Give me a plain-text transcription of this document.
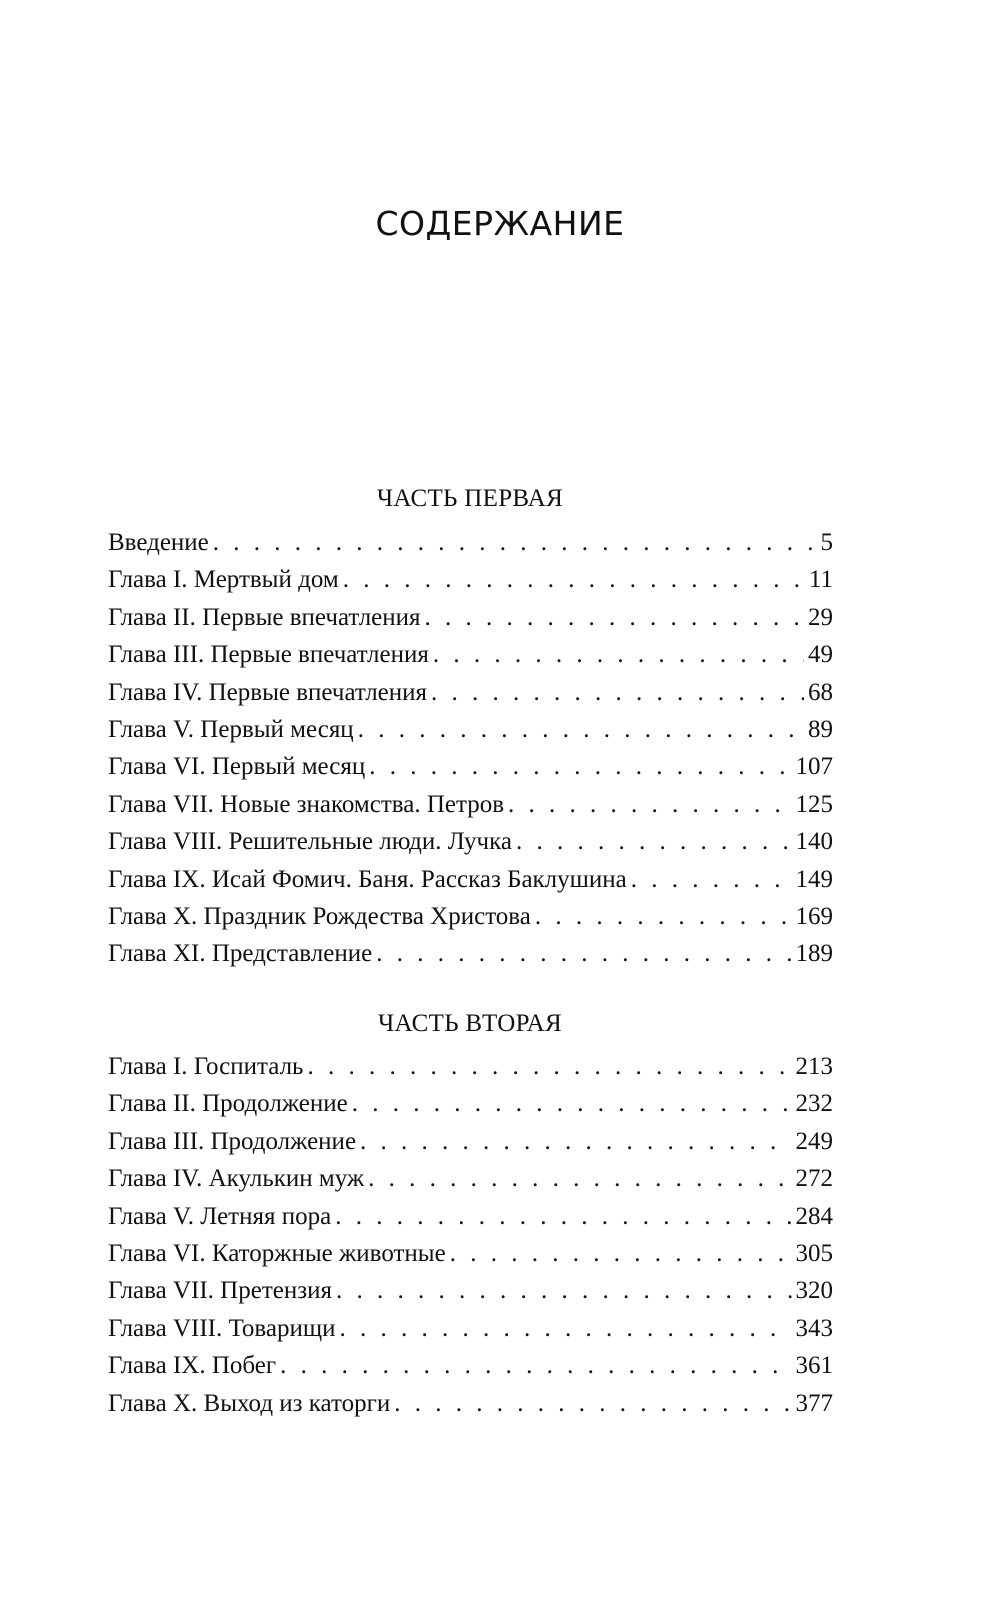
СОДЕРЖАНИЕ
ЧАСТЬ ПЕРВАЯ
Введение . . .	5
Глава I. Мертвый дом . . .	11
Глава II. Первые впечатления . . .	29
Глава III. Первые впечатления . . .	49
Глава IV. Первые впечатления . . .	68
Глава V. Первый месяц . . .	89
Глава VI. Первый месяц . . .	107
Глава VII. Новые знакомства. Петров . . .	125
Глава VIII. Решительные люди. Лучка . . .	140
Глава IX. Исай Фомич. Баня. Рассказ Баклушина . . .	149
Глава X. Праздник Рождества Христова . . .	169
Глава XI. Представление . . .	189
ЧАСТЬ ВТОРАЯ
Глава I. Госпиталь . . .	213
Глава II. Продолжение . . .	232
Глава III. Продолжение . . .	249
Глава IV. Акулькин муж . . .	272
Глава V. Летняя пора . . .	284
Глава VI. Каторжные животные . . .	305
Глава VII. Претензия . . .	320
Глава VIII. Товарищи . . .	343
Глава IX. Побег . . .	361
Глава X. Выход из каторги . . .	377
